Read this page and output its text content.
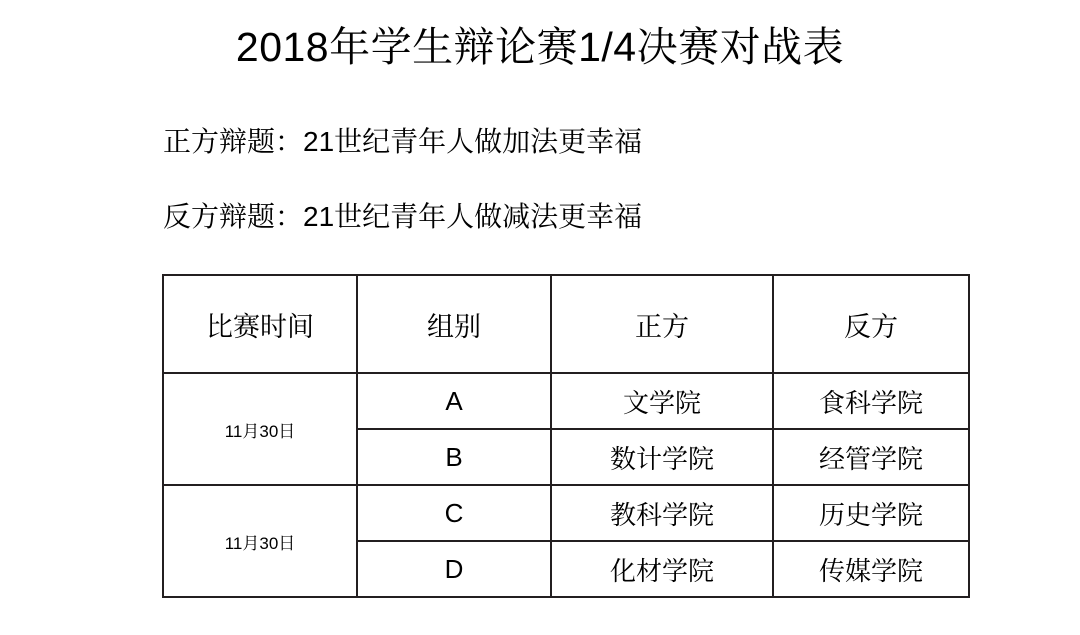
2018年学生辩论赛1/4决赛对战表
正方辩题：21世纪青年人做加法更幸福
反方辩题：21世纪青年人做减法更幸福
比赛时间	组别	正方	反方
11月30日	A	文学院	食科学院
	B	数计学院	经管学院
11月30日	C	教科学院	历史学院
	D	化材学院	传媒学院
